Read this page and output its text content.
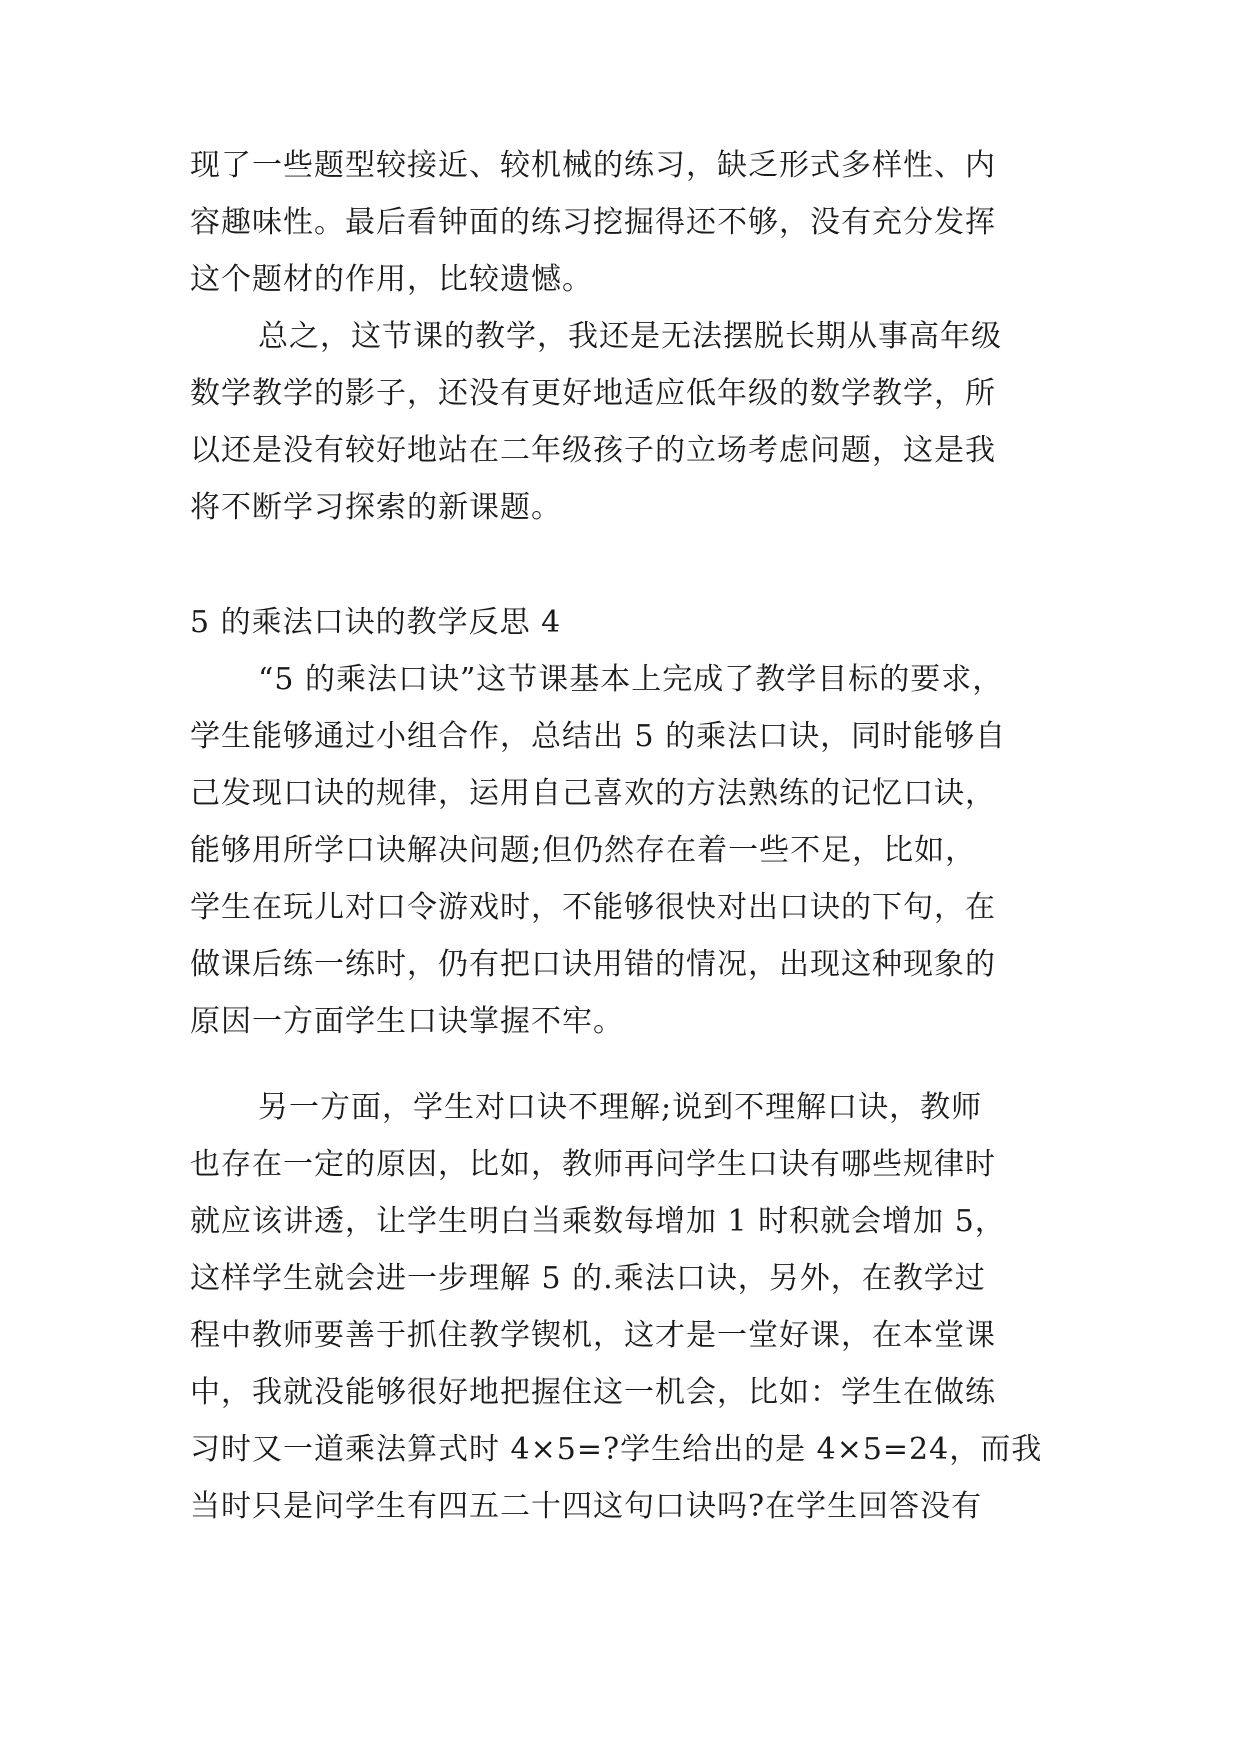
现了一些题型较接近、较机械的练习，缺乏形式多样性、内
容趣味性。最后看钟面的练习挖掘得还不够，没有充分发挥
这个题材的作用，比较遗憾。
总之，这节课的教学，我还是无法摆脱长期从事高年级
数学教学的影子，还没有更好地适应低年级的数学教学，所
以还是没有较好地站在二年级孩子的立场考虑问题，这是我
将不断学习探索的新课题。
5 的乘法口诀的教学反思 4
“5 的乘法口诀”这节课基本上完成了教学目标的要求，
学生能够通过小组合作，总结出 5 的乘法口诀，同时能够自
己发现口诀的规律，运用自己喜欢的方法熟练的记忆口诀，
能够用所学口诀解决问题;但仍然存在着一些不足，比如，
学生在玩儿对口令游戏时，不能够很快对出口诀的下句，在
做课后练一练时，仍有把口诀用错的情况，出现这种现象的
原因一方面学生口诀掌握不牢。
另一方面，学生对口诀不理解;说到不理解口诀，教师
也存在一定的原因，比如，教师再问学生口诀有哪些规律时
就应该讲透，让学生明白当乘数每增加 1 时积就会增加 5，
这样学生就会进一步理解 5 的.乘法口诀，另外，在教学过
程中教师要善于抓住教学锲机，这才是一堂好课，在本堂课
中，我就没能够很好地把握住这一机会，比如：学生在做练
习时又一道乘法算式时 4×5=?学生给出的是 4×5=24，而我
当时只是问学生有四五二十四这句口诀吗?在学生回答没有
